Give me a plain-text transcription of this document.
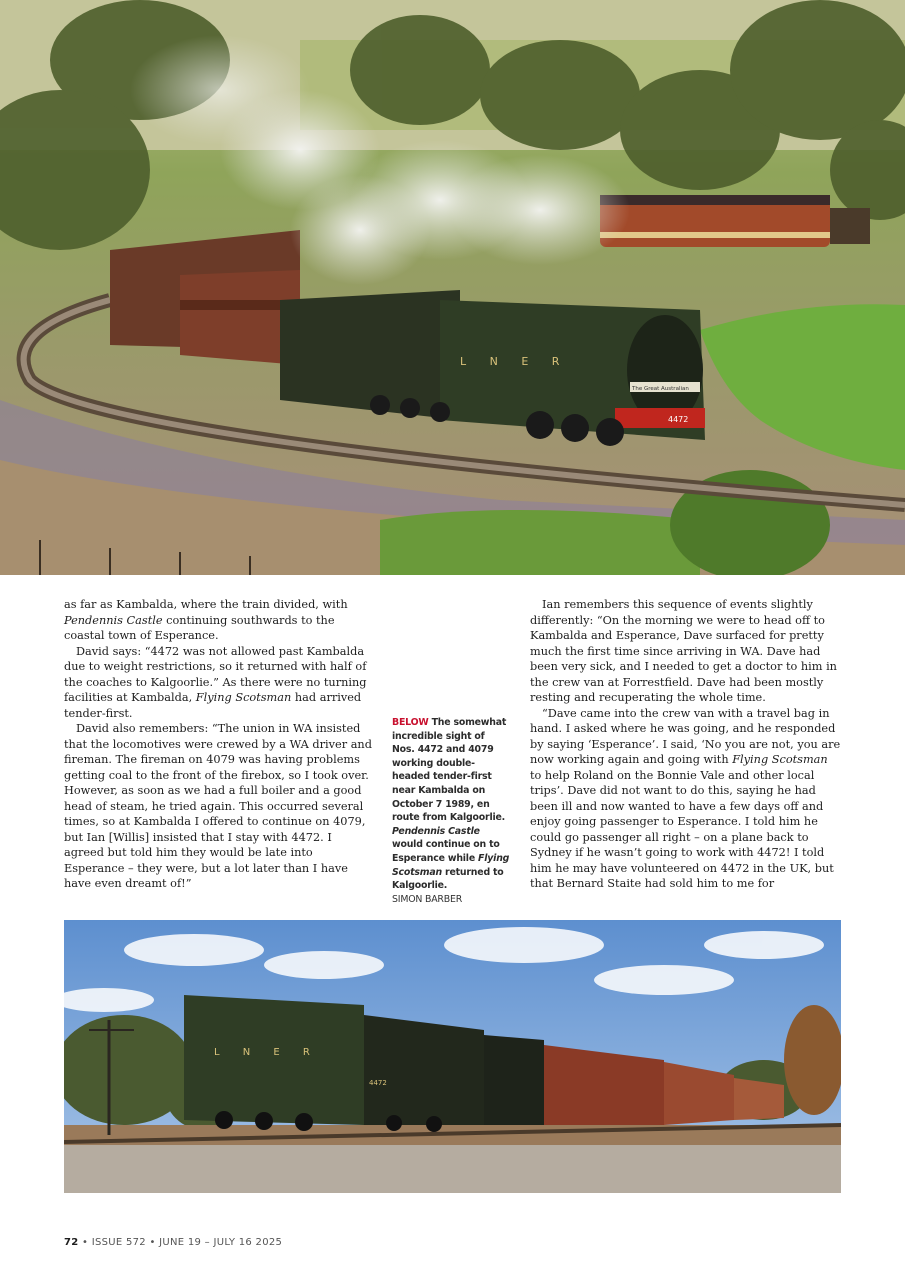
L N E R
4472
The Great Australian

as far as Kambalda, where the train divided, with Pendennis Castle continuing southwards to the coastal town of Esperance.

David says: “4472 was not allowed past Kambalda due to weight restrictions, so it returned with half of the coaches to Kalgoorlie.” As there were no turning facilities at Kambalda, Flying Scotsman had arrived tender-first.

David also remembers: “The union in WA insisted that the locomotives were crewed by a WA driver and fireman. The fireman on 4079 was having problems getting coal to the front of the firebox, so I took over. However, as soon as we had a full boiler and a good head of steam, he tried again. This occurred several times, so at Kambalda I offered to continue on 4079, but Ian [Willis] insisted that I stay with 4472. I agreed but told him they would be late into Esperance – they were, but a lot later than I have have even dreamt of!”

BELOW The somewhat incredible sight of Nos. 4472 and 4079 working double-headed tender-first near Kambalda on October 7 1989, en route from Kalgoorlie. Pendennis Castle would continue on to Esperance while Flying Scotsman returned to Kalgoorlie.
SIMON BARBER

Ian remembers this sequence of events slightly differently: “On the morning we were to head off to Kambalda and Esperance, Dave surfaced for pretty much the first time since arriving in WA. Dave had been very sick, and I needed to get a doctor to him in the crew van at Forrestfield. Dave had been mostly resting and recuperating the whole time.

“Dave came into the crew van with a travel bag in hand. I asked where he was going, and he responded by saying ‘Esperance’. I said, ‘No you are not, you are now working again and going with Flying Scotsman to help Roland on the Bonnie Vale and other local trips’. Dave did not want to do this, saying he had been ill and now wanted to have a few days off and enjoy going passenger to Esperance. I told him he could go passenger all right – on a plane back to Sydney if he wasn’t going to work with 4472! I told him he may have volunteered on 4472 in the UK, but that Bernard Staite had sold him to me for

L N E R
4472
72 • ISSUE 572 • JUNE 19 – JULY 16 2025
